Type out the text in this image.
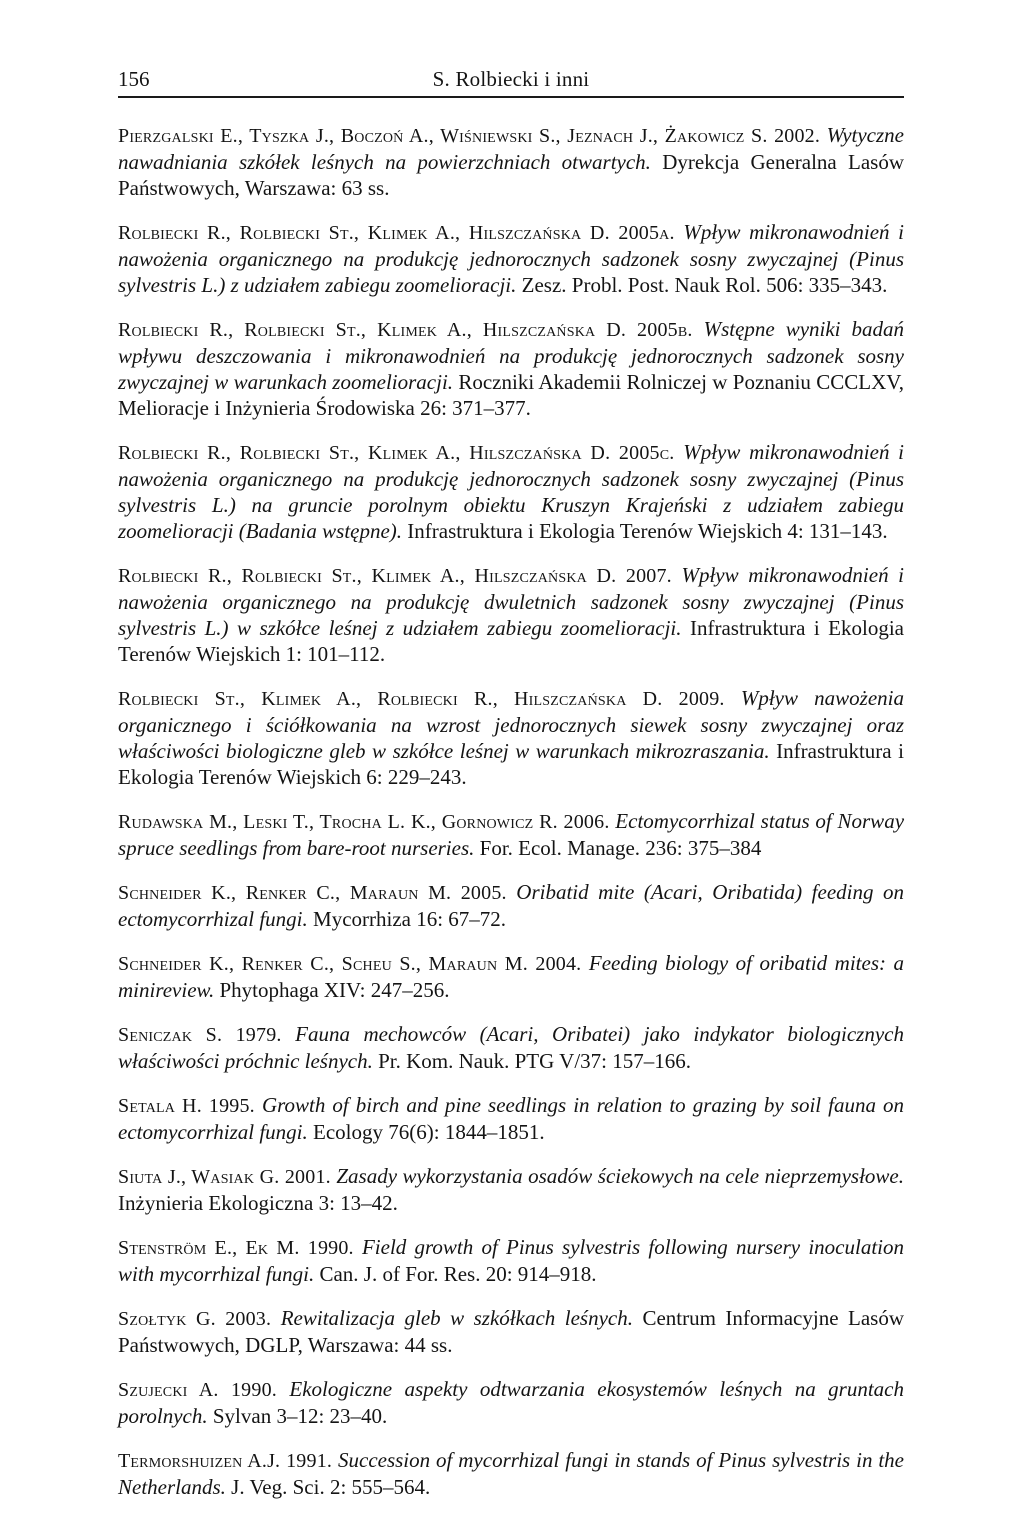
156	S. Rolbiecki i inni

Pierzgalski E., Tyszka J., Boczoń A., Wiśniewski S., Jeznach J., Żakowicz S. 2002. Wytyczne nawadniania szkółek leśnych na powierzchniach otwartych. Dyrekcja Generalna Lasów Państwowych, Warszawa: 63 ss.

Rolbiecki R., Rolbiecki St., Klimek A., Hilszczańska D. 2005a. Wpływ mikronawodnień i nawożenia organicznego na produkcję jednorocznych sadzonek sosny zwyczajnej (Pinus sylvestris L.) z udziałem zabiegu zoomelioracji. Zesz. Probl. Post. Nauk Rol. 506: 335–343.

Rolbiecki R., Rolbiecki St., Klimek A., Hilszczańska D. 2005b. Wstępne wyniki badań wpływu deszczowania i mikronawodnień na produkcję jednorocznych sadzonek sosny zwyczajnej w warunkach zoomelioracji. Roczniki Akademii Rolniczej w Poznaniu CCCLXV, Melioracje i Inżynieria Środowiska 26: 371–377.

Rolbiecki R., Rolbiecki St., Klimek A., Hilszczańska D. 2005c. Wpływ mikronawodnień i nawożenia organicznego na produkcję jednorocznych sadzonek sosny zwyczajnej (Pinus sylvestris L.) na gruncie porolnym obiektu Kruszyn Krajeński z udziałem zabiegu zoomelioracji (Badania wstępne). Infrastruktura i Ekologia Terenów Wiejskich 4: 131–143.

Rolbiecki R., Rolbiecki St., Klimek A., Hilszczańska D. 2007. Wpływ mikronawodnień i nawożenia organicznego na produkcję dwuletnich sadzonek sosny zwyczajnej (Pinus sylvestris L.) w szkółce leśnej z udziałem zabiegu zoomelioracji. Infrastruktura i Ekologia Terenów Wiejskich 1: 101–112.

Rolbiecki St., Klimek A., Rolbiecki R., Hilszczańska D. 2009. Wpływ nawożenia organicznego i ściółkowania na wzrost jednorocznych siewek sosny zwyczajnej oraz właściwości biologiczne gleb w szkółce leśnej w warunkach mikrozraszania. Infrastruktura i Ekologia Terenów Wiejskich 6: 229–243.

Rudawska M., Leski T., Trocha L. K., Gornowicz R. 2006. Ectomycorrhizal status of Norway spruce seedlings from bare-root nurseries. For. Ecol. Manage. 236: 375–384

Schneider K., Renker C., Maraun M. 2005. Oribatid mite (Acari, Oribatida) feeding on ectomycorrhizal fungi. Mycorrhiza 16: 67–72.

Schneider K., Renker C., Scheu S., Maraun M. 2004. Feeding biology of oribatid mites: a minireview. Phytophaga XIV: 247–256.

Seniczak S. 1979. Fauna mechowców (Acari, Oribatei) jako indykator biologicznych właściwości próchnic leśnych. Pr. Kom. Nauk. PTG V/37: 157–166.

Setala H. 1995. Growth of birch and pine seedlings in relation to grazing by soil fauna on ectomycorrhizal fungi. Ecology 76(6): 1844–1851.

Siuta J., Wasiak G. 2001. Zasady wykorzystania osadów ściekowych na cele nieprzemysłowe. Inżynieria Ekologiczna 3: 13–42.

Stenström E., Ek M. 1990. Field growth of Pinus sylvestris following nursery inoculation with mycorrhizal fungi. Can. J. of For. Res. 20: 914–918.

Szołtyk G. 2003. Rewitalizacja gleb w szkółkach leśnych. Centrum Informacyjne Lasów Państwowych, DGLP, Warszawa: 44 ss.

Szujecki A. 1990. Ekologiczne aspekty odtwarzania ekosystemów leśnych na gruntach porolnych. Sylvan 3–12: 23–40.

Termorshuizen A.J. 1991. Succession of mycorrhizal fungi in stands of Pinus sylvestris in the Netherlands. J. Veg. Sci. 2: 555–564.
